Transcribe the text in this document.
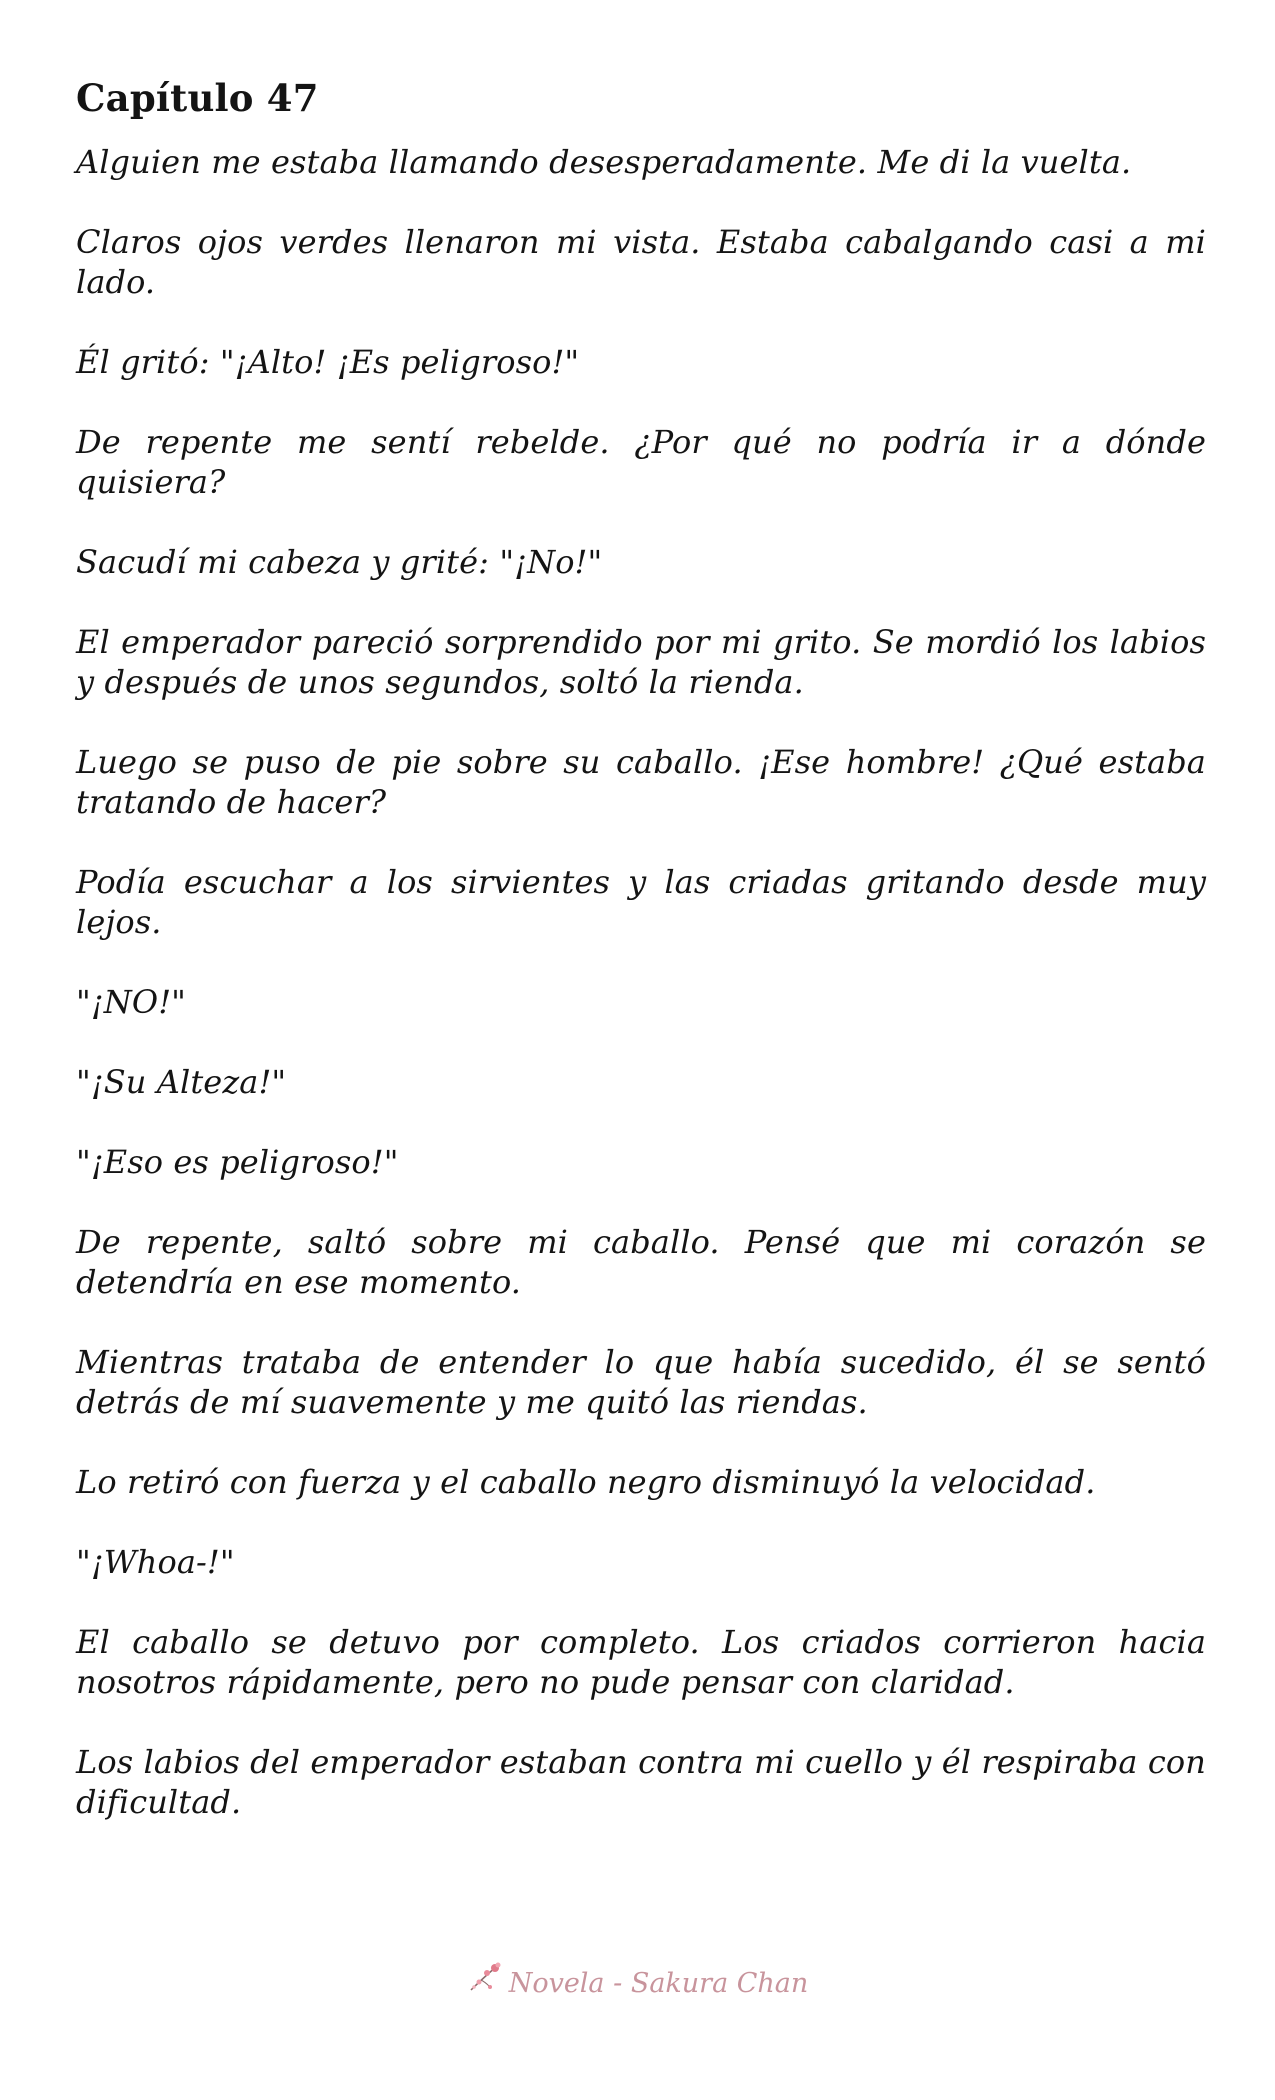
Capítulo 47

Alguien me estaba llamando desesperadamente. Me di la vuelta.

Claros ojos verdes llenaron mi vista. Estaba cabalgando casi a mi lado.

Él gritó: "¡Alto! ¡Es peligroso!"

De repente me sentí rebelde. ¿Por qué no podría ir a dónde quisiera?

Sacudí mi cabeza y grité: "¡No!"

El emperador pareció sorprendido por mi grito. Se mordió los labios y después de unos segundos, soltó la rienda.

Luego se puso de pie sobre su caballo. ¡Ese hombre! ¿Qué estaba tratando de hacer?

Podía escuchar a los sirvientes y las criadas gritando desde muy lejos.

"¡NO!"

"¡Su Alteza!"

"¡Eso es peligroso!"

De repente, saltó sobre mi caballo. Pensé que mi corazón se detendría en ese momento.

Mientras trataba de entender lo que había sucedido, él se sentó detrás de mí suavemente y me quitó las riendas.

Lo retiró con fuerza y el caballo negro disminuyó la velocidad.

"¡Whoa-!"

El caballo se detuvo por completo. Los criados corrieron hacia nosotros rápidamente, pero no pude pensar con claridad.

Los labios del emperador estaban contra mi cuello y él respiraba con dificultad.

Novela - Sakura Chan
